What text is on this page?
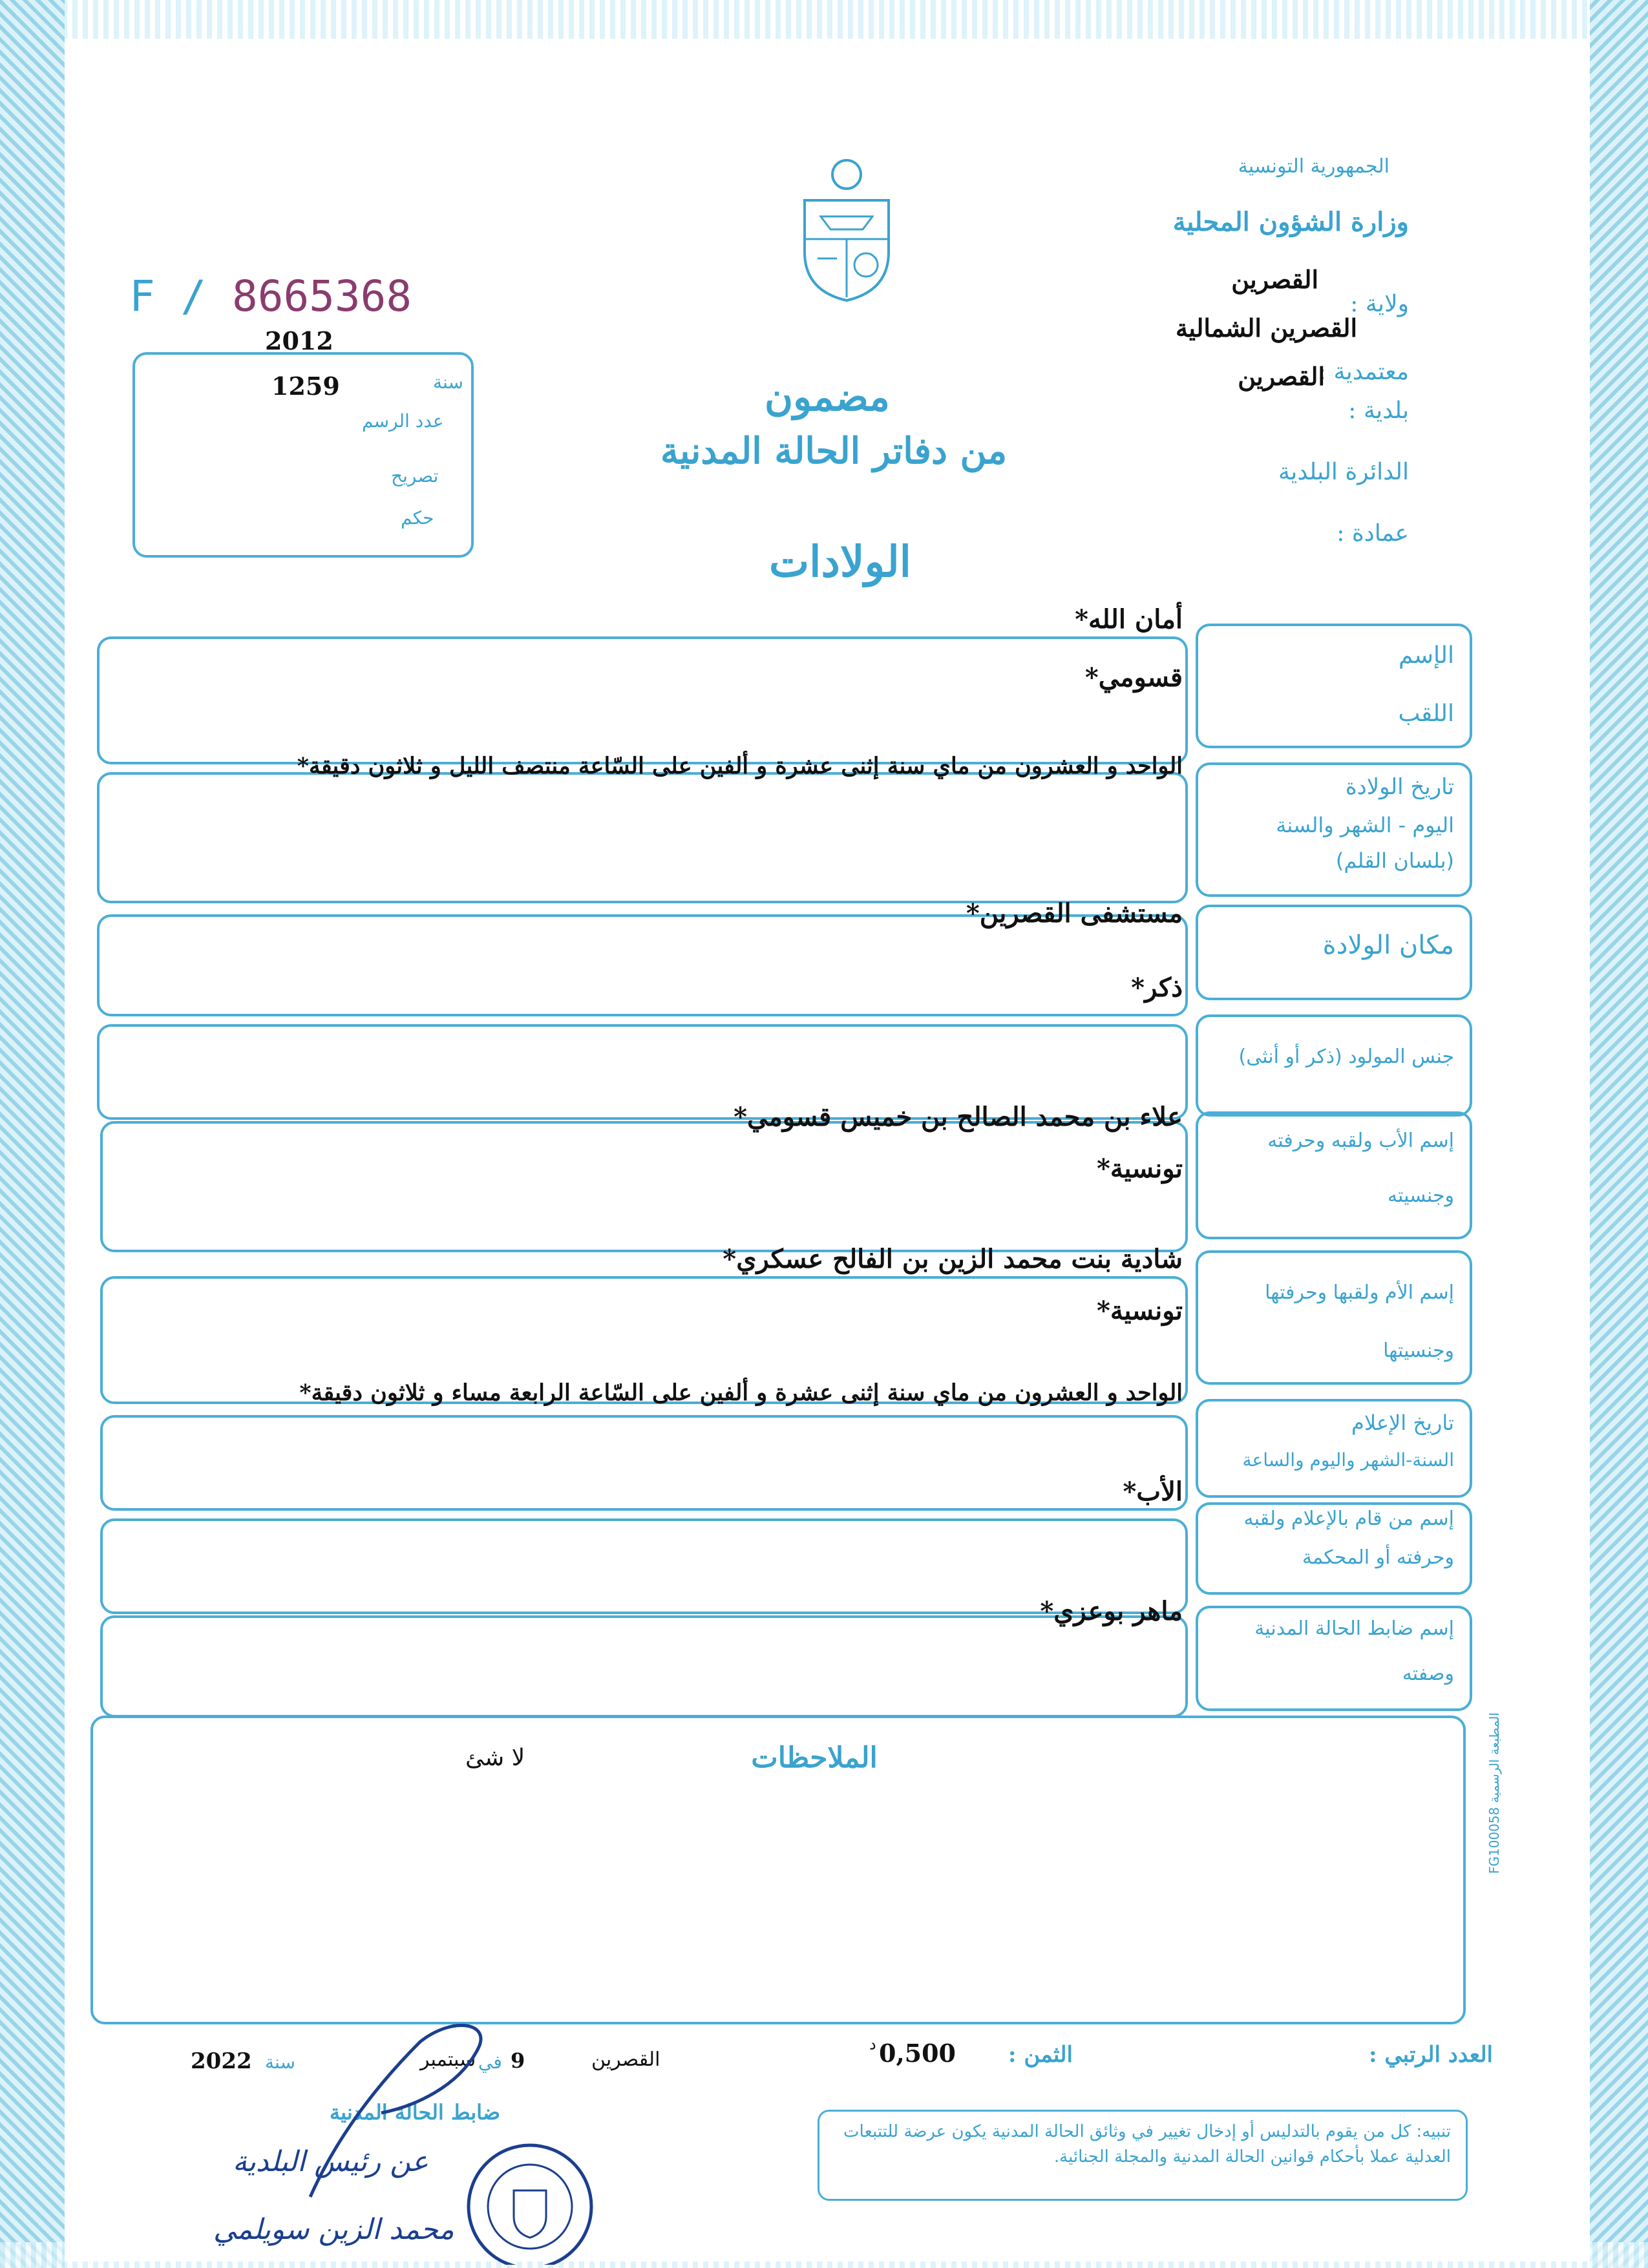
الجمهورية التونسية
وزارة الشؤون المحلية
ولاية :
القصرين
معتمدية :
القصرين الشمالية
القصرين
بلدية :
الدائرة البلدية
عمادة :
F / 8665368
2012
سنة
1259
عدد الرسم
تصريح
حكم
مضمون
من دفاتر الحالة المدنية
الولادات
الإسم
اللقب
أمان الله*
قسومي*
تاريخ الولادة
اليوم - الشهر والسنة
(بلسان القلم)
الواحد و العشرون من ماي سنة إثنى عشرة و ألفين على السّاعة منتصف الليل و ثلاثون دقيقة*
مكان الولادة
مستشفى القصرين*
جنس المولود (ذكر أو أنثى)
ذكر*
إسم الأب ولقبه وحرفته
وجنسيته
علاء بن محمد الصالح بن خميس قسومي*
تونسية*
إسم الأم ولقبها وحرفتها
وجنسيتها
شادية بنت محمد الزين بن الفالح عسكري*
تونسية*
تاريخ الإعلام
السنة-الشهر واليوم والساعة
الواحد و العشرون من ماي سنة إثنى عشرة و ألفين على السّاعة الرابعة مساء و ثلاثون دقيقة*
إسم من قام بالإعلام ولقبه
وحرفته أو المحكمة
الأب*
إسم ضابط الحالة المدنية
وصفته
ماهر بوعزي*
الملاحظات
لا شئ
المطبعة الرسمية FG100058
العدد الرتبي :
الثمن :
0,500
د
القصرين
9
في
سبتمبر
سنة
2022
ضابط الحالة المدنية
عن رئيس البلدية
محمد الزين سويلمي
تنبيه: كل من يقوم بالتدليس أو إدخال تغيير في وثائق الحالة المدنية يكون عرضة للتتبعات العدلية عملا بأحكام قوانين الحالة المدنية والمجلة الجنائية.
